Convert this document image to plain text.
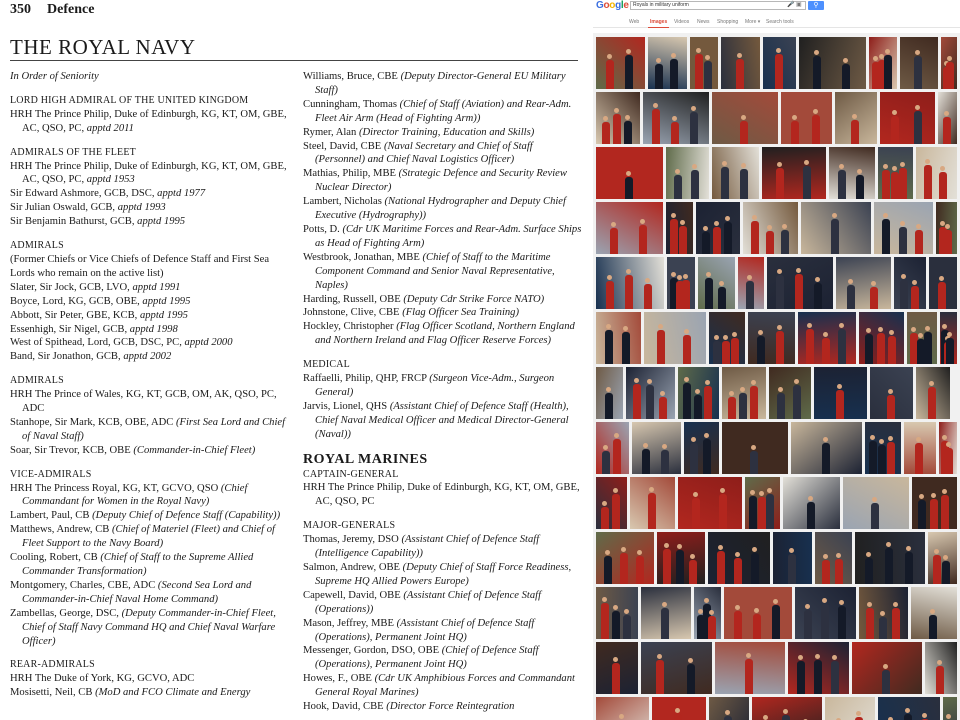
350 Defence
THE ROYAL NAVY
In Order of Seniority
LORD HIGH ADMIRAL OF THE UNITED KINGDOM
HRH The Prince Philip, Duke of Edinburgh, KG, KT, OM, GBE, AC, QSO, PC, apptd 2011
ADMIRALS OF THE FLEET
HRH The Prince Philip, Duke of Edinburgh, KG, KT, OM, GBE, AC, QSO, PC, apptd 1953
Sir Edward Ashmore, GCB, DSC, apptd 1977
Sir Julian Oswald, GCB, apptd 1993
Sir Benjamin Bathurst, GCB, apptd 1995
ADMIRALS
(Former Chiefs or Vice Chiefs of Defence Staff and First Sea Lords who remain on the active list)
Slater, Sir Jock, GCB, LVO, apptd 1991
Boyce, Lord, KG, GCB, OBE, apptd 1995
Abbott, Sir Peter, GBE, KCB, apptd 1995
Essenhigh, Sir Nigel, GCB, apptd 1998
West of Spithead, Lord, GCB, DSC, PC, apptd 2000
Band, Sir Jonathon, GCB, apptd 2002
ADMIRALS
HRH The Prince of Wales, KG, KT, GCB, OM, AK, QSO, PC, ADC
Stanhope, Sir Mark, KCB, OBE, ADC (First Sea Lord and Chief of Naval Staff)
Soar, Sir Trevor, KCB, OBE (Commander-in-Chief Fleet)
VICE-ADMIRALS
HRH The Princess Royal, KG, KT, GCVO, QSO (Chief Commandant for Women in the Royal Navy)
Lambert, Paul, CB (Deputy Chief of Defence Staff (Capability))
Matthews, Andrew, CB (Chief of Materiel (Fleet) and Chief of Fleet Support to the Navy Board)
Cooling, Robert, CB (Chief of Staff to the Supreme Allied Commander Transformation)
Montgomery, Charles, CBE, ADC (Second Sea Lord and Commander-in-Chief Naval Home Command)
Zambellas, George, DSC, (Deputy Commander-in-Chief Fleet, Chief of Staff Navy Command HQ and Chief Naval Warfare Officer)
REAR-ADMIRALS
HRH The Duke of York, KG, GCVO, ADC
Mosisetti, Neil, CB (MoD and FCO Climate and Energy
Williams, Bruce, CBE (Deputy Director-General EU Military Staff)
Cunningham, Thomas (Chief of Staff (Aviation) and Rear-Adm. Fleet Air Arm (Head of Fighting Arm))
Rymer, Alan (Director Training, Education and Skills)
Steel, David, CBE (Naval Secretary and Chief of Staff (Personnel) and Chief Naval Logistics Officer)
Mathias, Philip, MBE (Strategic Defence and Security Review Nuclear Director)
Lambert, Nicholas (National Hydrographer and Deputy Chief Executive (Hydrography))
Potts, D. (Cdr UK Maritime Forces and Rear-Adm. Surface Ships as Head of Fighting Arm)
Westbrook, Jonathan, MBE (Chief of Staff to the Maritime Component Command and Senior Naval Representative, Naples)
Harding, Russell, OBE (Deputy Cdr Strike Force NATO)
Johnstone, Clive, CBE (Flag Officer Sea Training)
Hockley, Christopher (Flag Officer Scotland, Northern England and Northern Ireland and Flag Officer Reserve Forces)
MEDICAL
Raffaelli, Philip, QHP, FRCP (Surgeon Vice-Adm., Surgeon General)
Jarvis, Lionel, QHS (Assistant Chief of Defence Staff (Health), Chief Naval Medical Officer and Medical Director-General (Naval))
ROYAL MARINES
CAPTAIN-GENERAL
HRH The Prince Philip, Duke of Edinburgh, KG, KT, OM, GBE, AC, QSO, PC
MAJOR-GENERALS
Thomas, Jeremy, DSO (Assistant Chief of Defence Staff (Intelligence Capability))
Salmon, Andrew, OBE (Deputy Chief of Staff Force Readiness, Supreme HQ Allied Powers Europe)
Capewell, David, OBE (Assistant Chief of Defence Staff (Operations))
Mason, Jeffrey, MBE (Assistant Chief of Defence Staff (Operations), Permanent Joint HQ)
Messenger, Gordon, DSO, OBE (Chief of Defence Staff (Operations), Permanent Joint HQ)
Howes, F., OBE (Cdr UK Amphibious Forces and Commandant General Royal Marines)
Hook, David, CBE (Director Force Reintegration
Google Royals in military uniform	🎤 ▣	⚲
Web Images Videos News Shopping More ▾ Search tools
